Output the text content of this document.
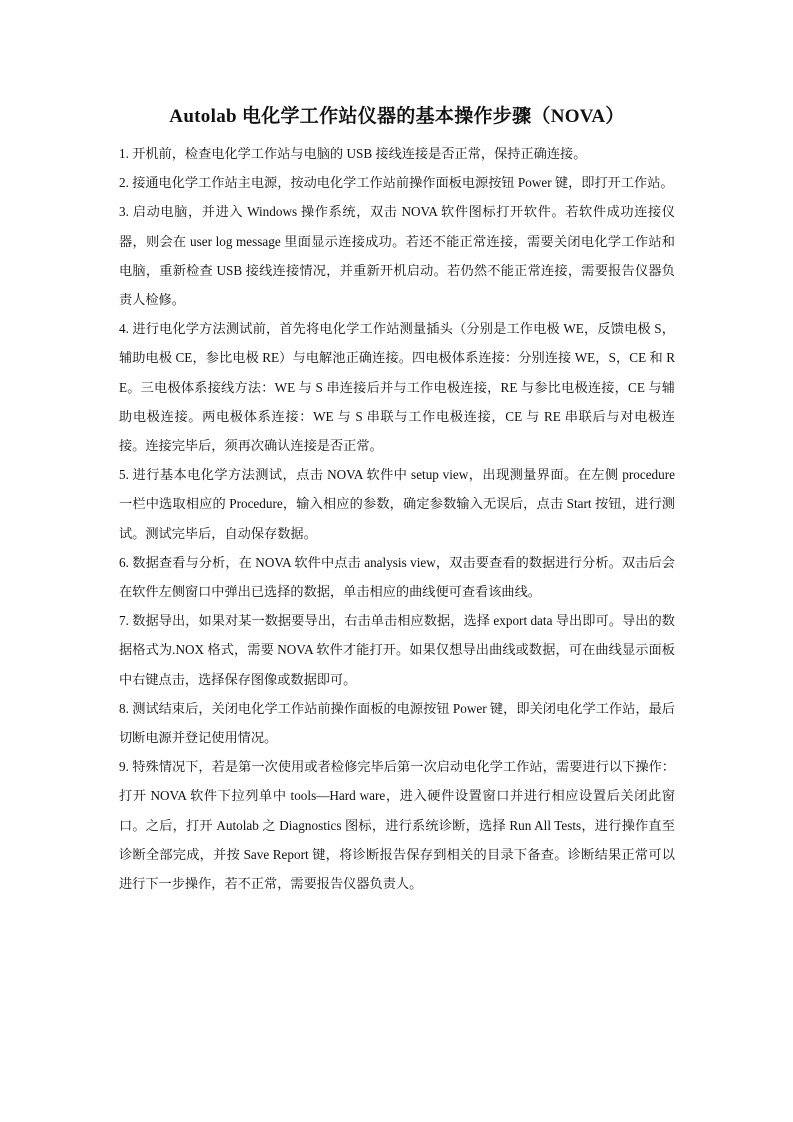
Autolab 电化学工作站仪器的基本操作步骤（NOVA）

1. 开机前，检查电化学工作站与电脑的 USB 接线连接是否正常，保持正确连接。

2. 接通电化学工作站主电源，按动电化学工作站前操作面板电源按钮 Power 键，即打开工作站。

3. 启动电脑，并进入 Windows 操作系统，双击 NOVA 软件图标打开软件。若软件成功连接仪器，则会在 user log message 里面显示连接成功。若还不能正常连接，需要关闭电化学工作站和电脑，重新检查 USB 接线连接情况，并重新开机启动。若仍然不能正常连接，需要报告仪器负责人检修。

4. 进行电化学方法测试前，首先将电化学工作站测量插头（分别是工作电极 WE，反馈电极 S，辅助电极 CE，参比电极 RE）与电解池正确连接。四电极体系连接：分别连接 WE，S，CE 和 RE。三电极体系接线方法：WE 与 S 串连接后并与工作电极连接，RE 与参比电极连接，CE 与辅助电极连接。两电极体系连接：WE 与 S 串联与工作电极连接，CE 与 RE 串联后与对电极连接。连接完毕后，须再次确认连接是否正常。

5. 进行基本电化学方法测试，点击 NOVA 软件中 setup view，出现测量界面。在左侧 procedure 一栏中选取相应的 Procedure，输入相应的参数，确定参数输入无误后，点击 Start 按钮，进行测试。测试完毕后，自动保存数据。

6. 数据查看与分析，在 NOVA 软件中点击 analysis view，双击要查看的数据进行分析。双击后会在软件左侧窗口中弹出已选择的数据，单击相应的曲线便可查看该曲线。

7. 数据导出，如果对某一数据要导出，右击单击相应数据，选择 export data 导出即可。导出的数据格式为.NOX 格式，需要 NOVA 软件才能打开。如果仅想导出曲线或数据，可在曲线显示面板中右键点击，选择保存图像或数据即可。

8. 测试结束后，关闭电化学工作站前操作面板的电源按钮 Power 键，即关闭电化学工作站，最后切断电源并登记使用情况。

9. 特殊情况下，若是第一次使用或者检修完毕后第一次启动电化学工作站，需要进行以下操作：打开 NOVA 软件下拉列单中 tools—Hard ware，进入硬件设置窗口并进行相应设置后关闭此窗口。之后，打开 Autolab 之 Diagnostics 图标，进行系统诊断，选择 Run All Tests，进行操作直至诊断全部完成，并按 Save Report 键，将诊断报告保存到相关的目录下备查。诊断结果正常可以进行下一步操作，若不正常，需要报告仪器负责人。
